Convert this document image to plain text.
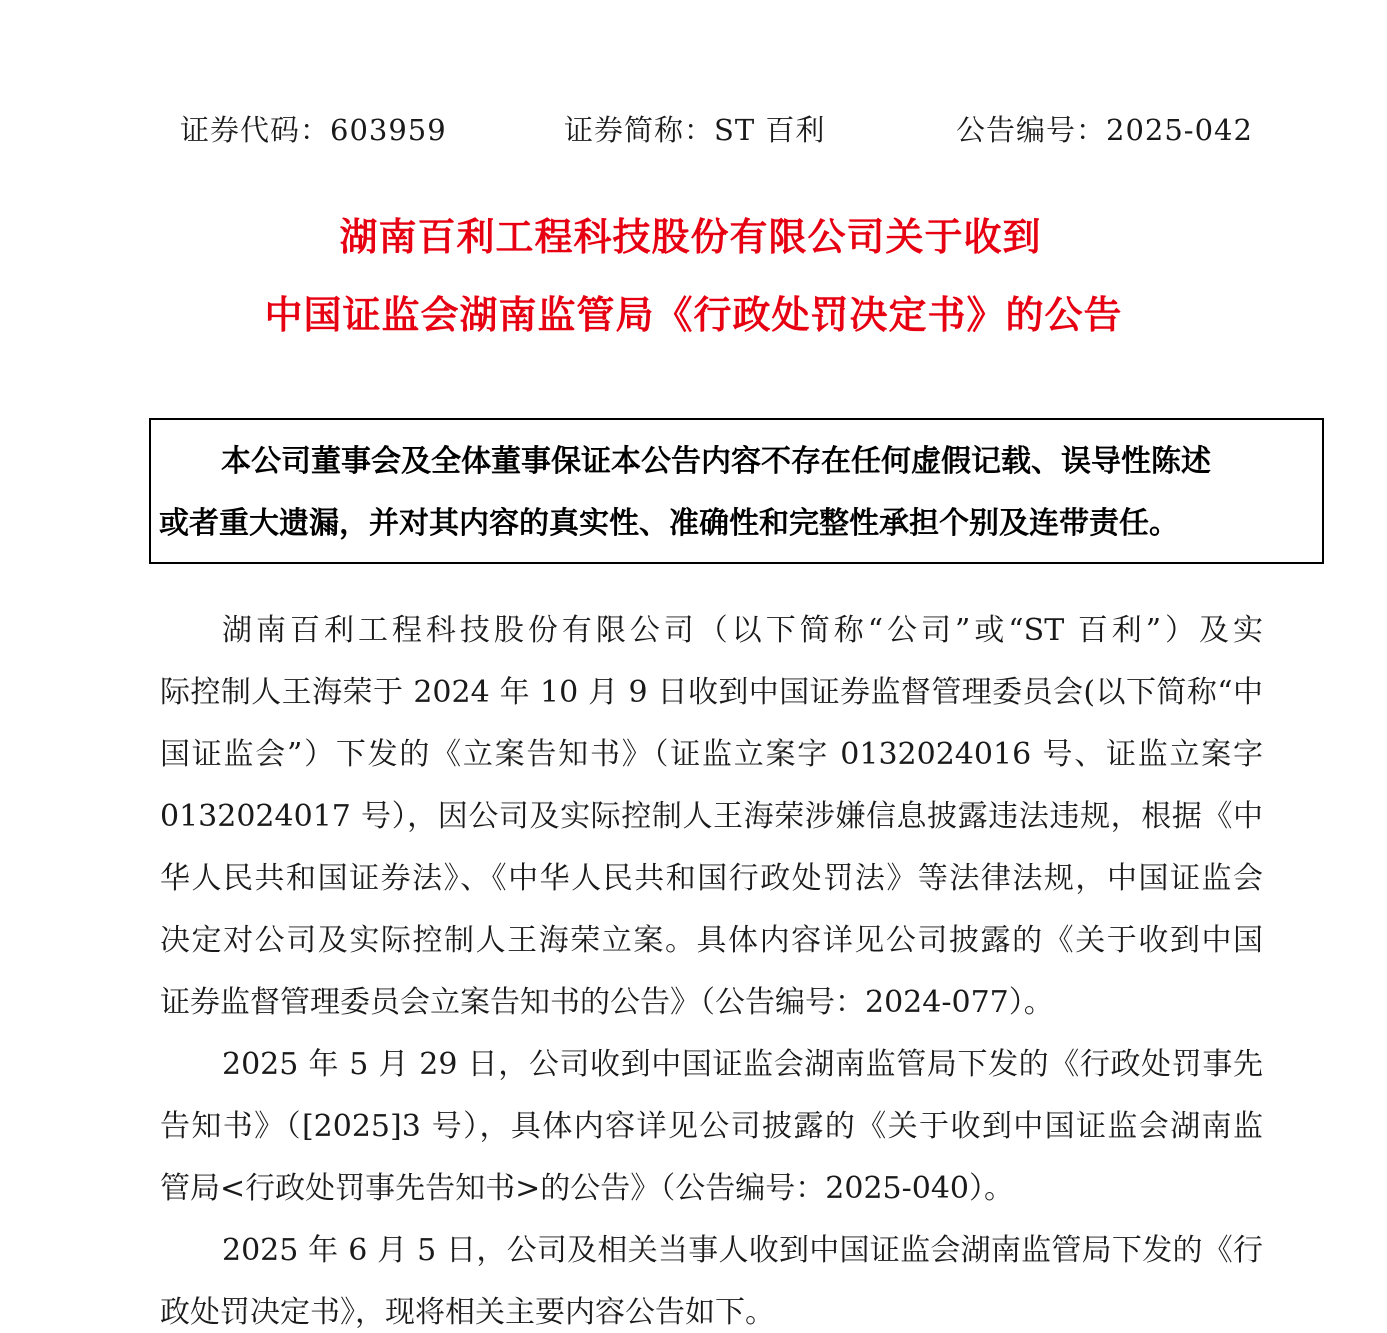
证券代码：603959	证券简称：ST 百利	公告编号：2025-042
湖南百利工程科技股份有限公司关于收到
中国证监会湖南监管局《行政处罚决定书》的公告
本公司董事会及全体董事保证本公告内容不存在任何虚假记载、误导性陈述
或者重大遗漏，并对其内容的真实性、准确性和完整性承担个别及连带责任。
湖南百利工程科技股份有限公司（以下简称“公司”或“ST 百利”）及实
际控制人王海荣于 2024 年 10 月 9 日收到中国证券监督管理委员会(以下简称“中
国证监会”）下发的《立案告知书》（证监立案字 0132024016 号、证监立案字
0132024017 号），因公司及实际控制人王海荣涉嫌信息披露违法违规，根据《中
华人民共和国证券法》、《中华人民共和国行政处罚法》等法律法规，中国证监会
决定对公司及实际控制人王海荣立案。具体内容详见公司披露的《关于收到中国
证券监督管理委员会立案告知书的公告》（公告编号：2024-077）。
2025 年 5 月 29 日，公司收到中国证监会湖南监管局下发的《行政处罚事先
告知书》（[2025]3 号），具体内容详见公司披露的《关于收到中国证监会湖南监
管局<行政处罚事先告知书>的公告》（公告编号：2025-040）。
2025 年 6 月 5 日，公司及相关当事人收到中国证监会湖南监管局下发的《行
政处罚决定书》，现将相关主要内容公告如下。
